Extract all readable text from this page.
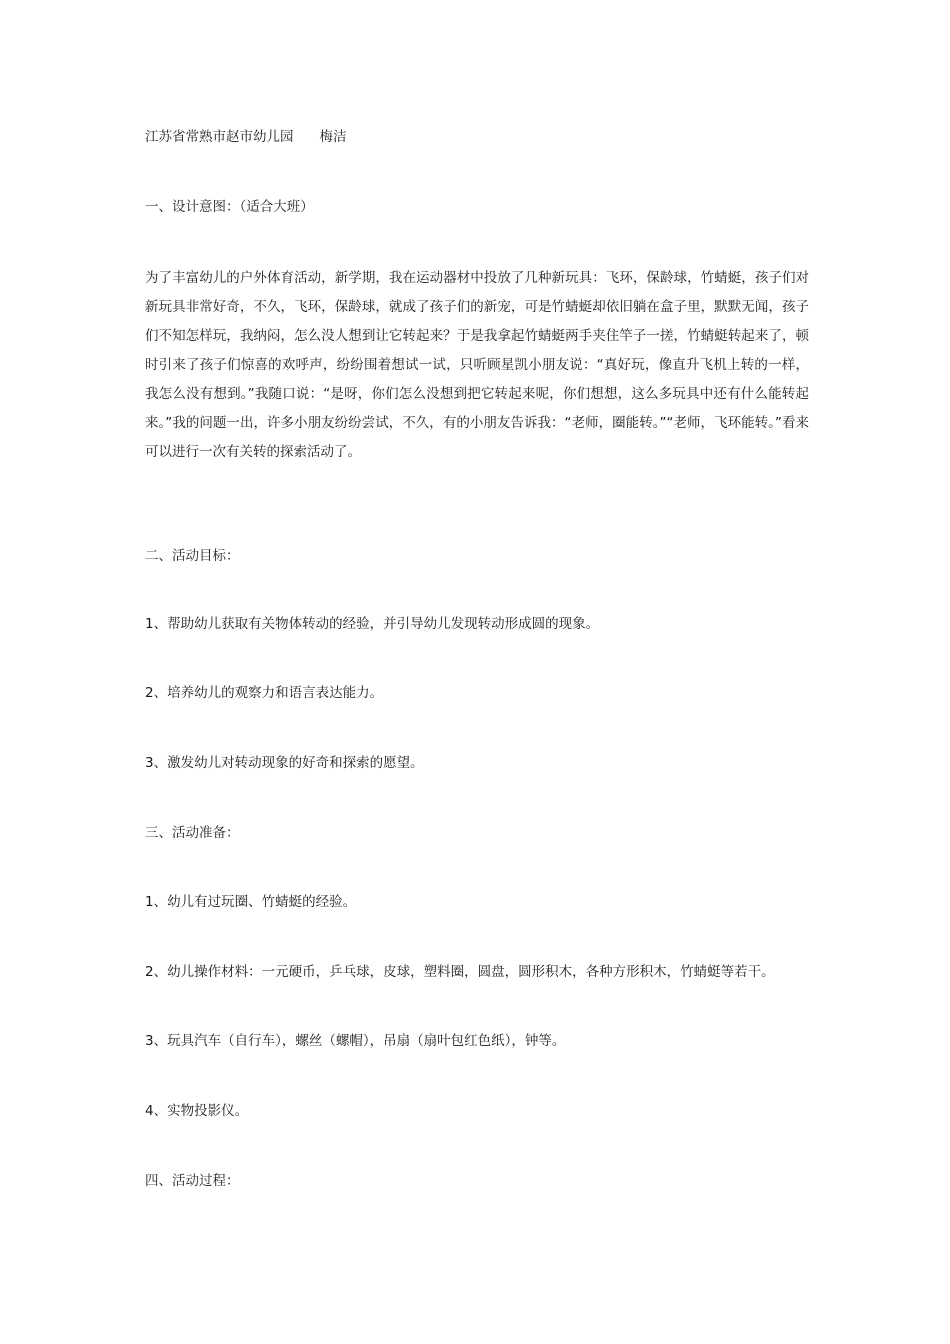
江苏省常熟市赵市幼儿园 梅洁
一、设计意图：（适合大班）
为了丰富幼儿的户外体育活动，新学期，我在运动器材中投放了几种新玩具：飞环，保龄球，竹蜻蜓，孩子们对新玩具非常好奇，不久，飞环，保龄球，就成了孩子们的新宠，可是竹蜻蜓却依旧躺在盒子里，默默无闻，孩子们不知怎样玩，我纳闷，怎么没人想到让它转起来？于是我拿起竹蜻蜓两手夹住竿子一搓，竹蜻蜓转起来了，顿时引来了孩子们惊喜的欢呼声，纷纷围着想试一试，只听顾星凯小朋友说：“真好玩，像直升飞机上转的一样，我怎么没有想到。”我随口说：“是呀，你们怎么没想到把它转起来呢，你们想想，这么多玩具中还有什么能转起来。”我的问题一出，许多小朋友纷纷尝试，不久，有的小朋友告诉我：“老师，圈能转。”“老师，飞环能转。”看来可以进行一次有关转的探索活动了。
二、活动目标：
1、帮助幼儿获取有关物体转动的经验，并引导幼儿发现转动形成圆的现象。
2、培养幼儿的观察力和语言表达能力。
3、激发幼儿对转动现象的好奇和探索的愿望。
三、活动准备：
1、幼儿有过玩圈、竹蜻蜓的经验。
2、幼儿操作材料：一元硬币，乒乓球，皮球，塑料圈，圆盘，圆形积木，各种方形积木，竹蜻蜓等若干。
3、玩具汽车（自行车），螺丝（螺帽），吊扇（扇叶包红色纸），钟等。
4、实物投影仪。
四、活动过程：
